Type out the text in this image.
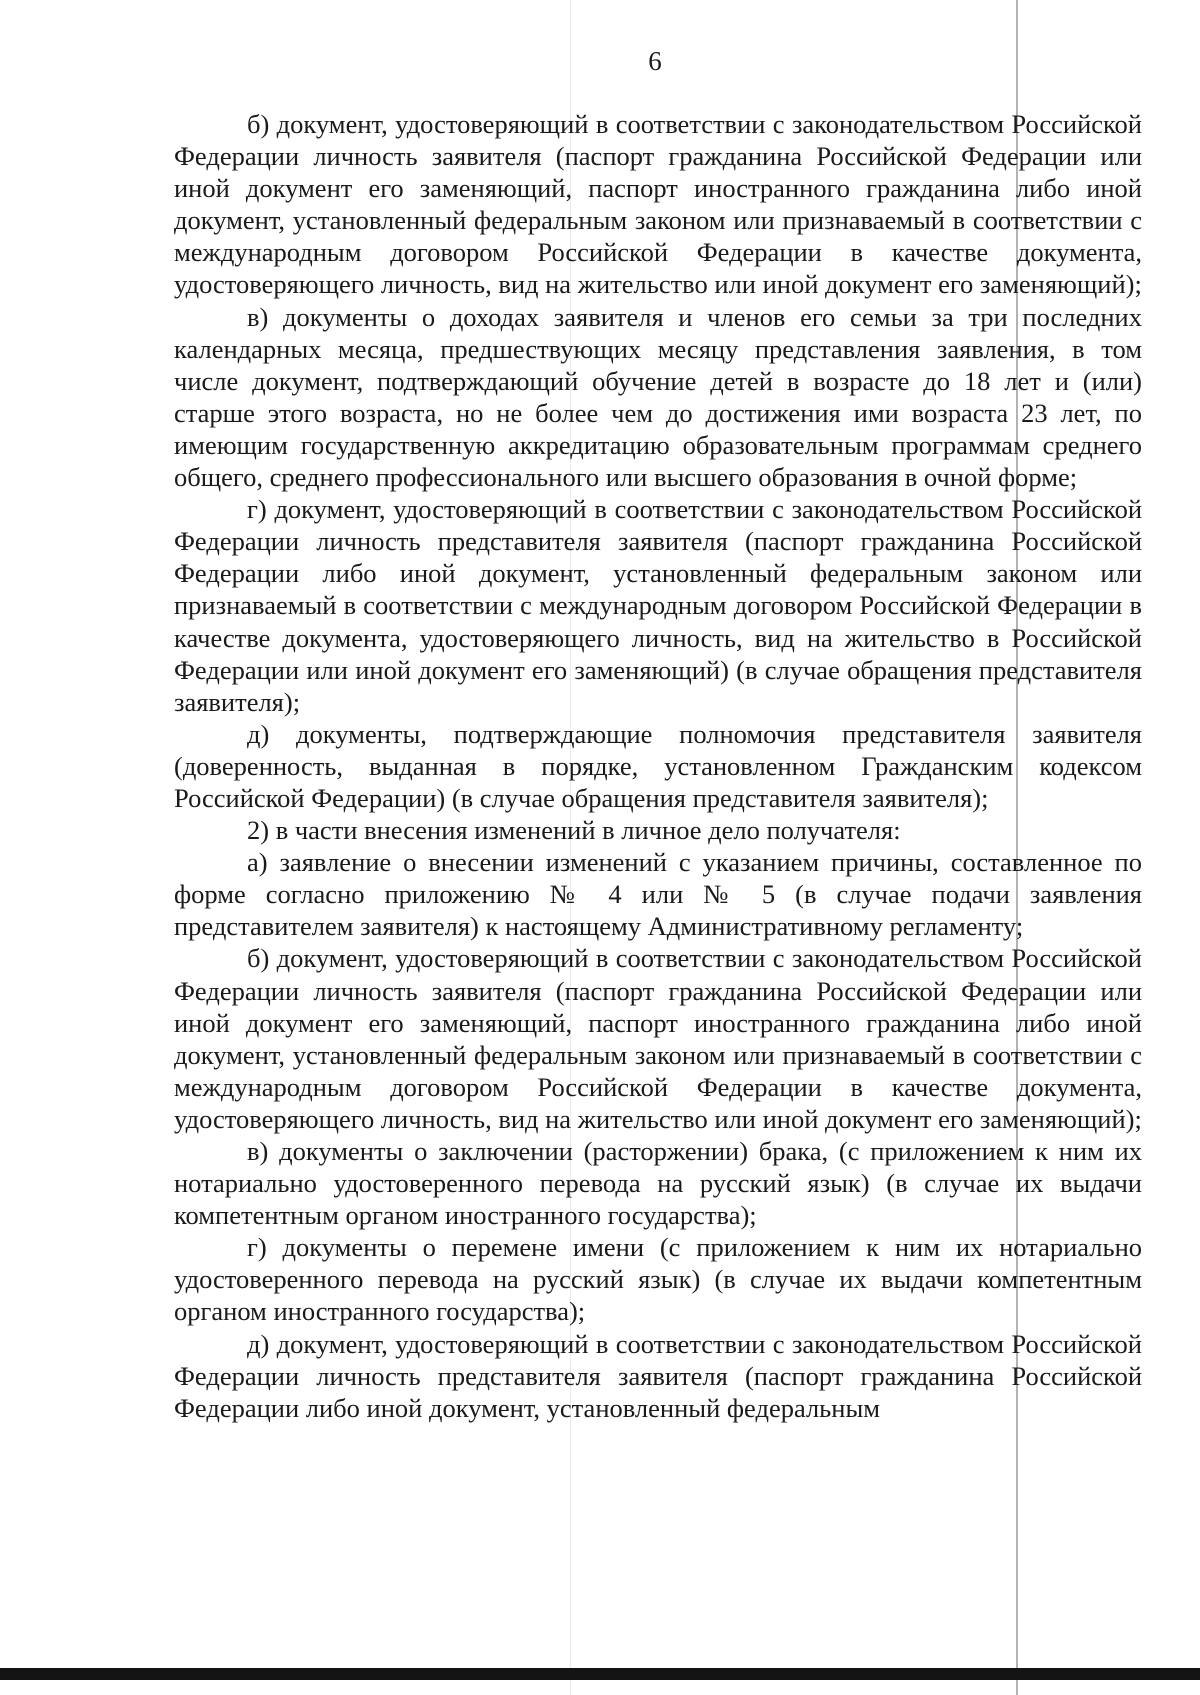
6

б) документ, удостоверяющий в соответствии с законодательством Российской Федерации личность заявителя (паспорт гражданина Российской Федерации или иной документ его заменяющий, паспорт иностранного гражданина либо иной документ, установленный федеральным законом или признаваемый в соответствии с международным договором Российской Федерации в качестве документа, удостоверяющего личность, вид на жительство или иной документ его заменяющий);

в) документы о доходах заявителя и членов его семьи за три последних календарных месяца, предшествующих месяцу представления заявления, в том числе документ, подтверждающий обучение детей в возрасте до 18 лет и (или) старше этого возраста, но не более чем до достижения ими возраста 23 лет, по имеющим государственную аккредитацию образовательным программам среднего общего, среднего профессионального или высшего образования в очной форме;

г) документ, удостоверяющий в соответствии с законодательством Российской Федерации личность представителя заявителя (паспорт гражданина Российской Федерации либо иной документ, установленный федеральным законом или признаваемый в соответствии с международным договором Российской Федерации в качестве документа, удостоверяющего личность, вид на жительство в Российской Федерации или иной документ его заменяющий) (в случае обращения представителя заявителя);

д) документы, подтверждающие полномочия представителя заявителя (доверенность, выданная в порядке, установленном Гражданским кодексом Российской Федерации) (в случае обращения представителя заявителя);

2) в части внесения изменений в личное дело получателя:

а) заявление о внесении изменений с указанием причины, составленное по форме согласно приложению № 4 или № 5 (в случае подачи заявления представителем заявителя) к настоящему Административному регламенту;

б) документ, удостоверяющий в соответствии с законодательством Российской Федерации личность заявителя (паспорт гражданина Российской Федерации или иной документ его заменяющий, паспорт иностранного гражданина либо иной документ, установленный федеральным законом или признаваемый в соответствии с международным договором Российской Федерации в качестве документа, удостоверяющего личность, вид на жительство или иной документ его заменяющий);

в) документы о заключении (расторжении) брака, (с приложением к ним их нотариально удостоверенного перевода на русский язык) (в случае их выдачи компетентным органом иностранного государства);

г) документы о перемене имени (с приложением к ним их нотариально удостоверенного перевода на русский язык) (в случае их выдачи компетентным органом иностранного государства);

д) документ, удостоверяющий в соответствии с законодательством Российской Федерации личность представителя заявителя (паспорт гражданина Российской Федерации либо иной документ, установленный федеральным
